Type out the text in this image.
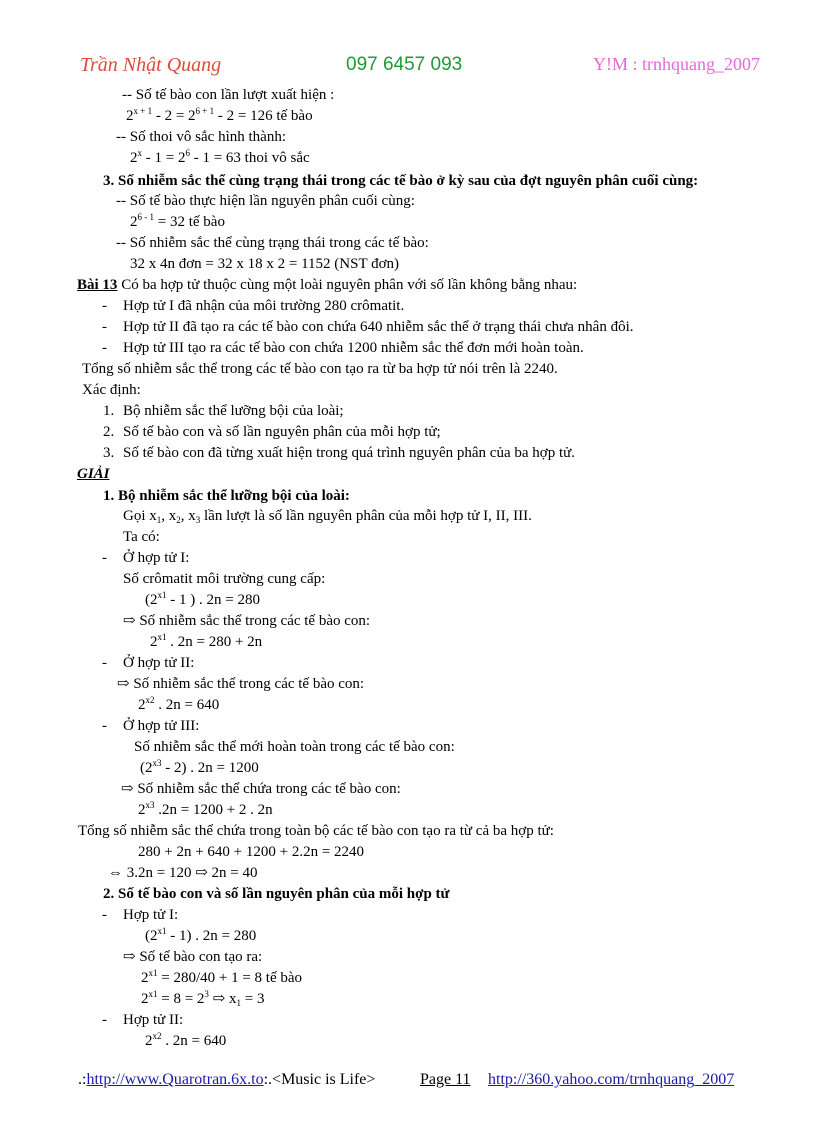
Trần Nhật Quang	097 6457 093	Y!M : trnhquang_2007
-- Số tế bào con lần lượt xuất hiện :
$2^{x + 1} - 2 = 2^{6 + 1} - 2 = 126$ tế bào
-- Số thoi vô sắc hình thành:
$2^x - 1 = 2^6 - 1 = 63$ thoi vô sắc
3. Số nhiễm sắc thể cùng trạng thái trong các tế bào ở kỳ sau của đợt nguyên phân cuối cùng:
-- Số tế bào thực hiện lần nguyên phân cuối cùng:
$2^{6 - 1} = 32$ tế bào
-- Số nhiễm sắc thể cùng trạng thái trong các tế bào:
32 x 4n đơn = 32 x 18 x 2 = 1152 (NST đơn)
Bài 13 Có ba hợp tử thuộc cùng một loài nguyên phân với số lần không bằng nhau:
- Hợp tử I đã nhận của môi trường 280 crômatit.
- Hợp tử II đã tạo ra các tế bào con chứa 640 nhiễm sắc thể ở trạng thái chưa nhân đôi.
- Hợp tử III tạo ra các tế bào con chứa 1200 nhiễm sắc thể đơn mới hoàn toàn.
Tổng số nhiễm sắc thể trong các tế bào con tạo ra từ ba hợp tử nói trên là 2240.
Xác định:
1. Bộ nhiễm sắc thể lưỡng bội của loài;
2. Số tế bào con và số lần nguyên phân của mỗi hợp tử;
3. Số tế bào con đã từng xuất hiện trong quá trình nguyên phân của ba hợp tử.
GIẢI
1. Bộ nhiễm sắc thể lưỡng bội của loài:
Gọi $x_1$, $x_2$, $x_3$ lần lượt là số lần nguyên phân của mỗi hợp tử I, II, III.
Ta có:
- Ở hợp tử I:
Số crômatit môi trường cung cấp:
($2^{x1} - 1$ ) . 2n = 280
⇨ Số nhiễm sắc thể trong các tế bào con:
$2^{x1}$ . 2n = 280 + 2n
- Ở hợp tử II:
⇨ Số nhiễm sắc thể trong các tế bào con:
$2^{x2}$ . 2n = 640
- Ở hợp tử III:
Số nhiễm sắc thể mới hoàn toàn trong các tế bào con:
$(2^{x3} - 2)$ . 2n = 1200
⇨ Số nhiễm sắc thể chứa trong các tế bào con:
$2^{x3}$ .2n = 1200 + 2 . 2n
Tổng số nhiễm sắc thể chứa trong toàn bộ các tế bào con tạo ra từ cả ba hợp tử:
280 + 2n + 640 + 1200 + 2.2n = 2240
⇔ 3.2n = 120 ⇨ 2n = 40
2. Số tế bào con và số lần nguyên phân của mỗi hợp tử
- Hợp tử I:
$(2^{x1} - 1)$ . 2n = 280
⇨ Số tế bào con tạo ra:
$2^{x1} = 280/40 + 1 = 8$ tế bào
$2^{x1} = 8 = 2^3$ ⇨ $x_1 = 3$
- Hợp tử II:
$2^{x2}$ . 2n = 640
.:http://www.Quarotran.6x.to:.<Music is Life>	Page 11 http://360.yahoo.com/trnhquang_2007
